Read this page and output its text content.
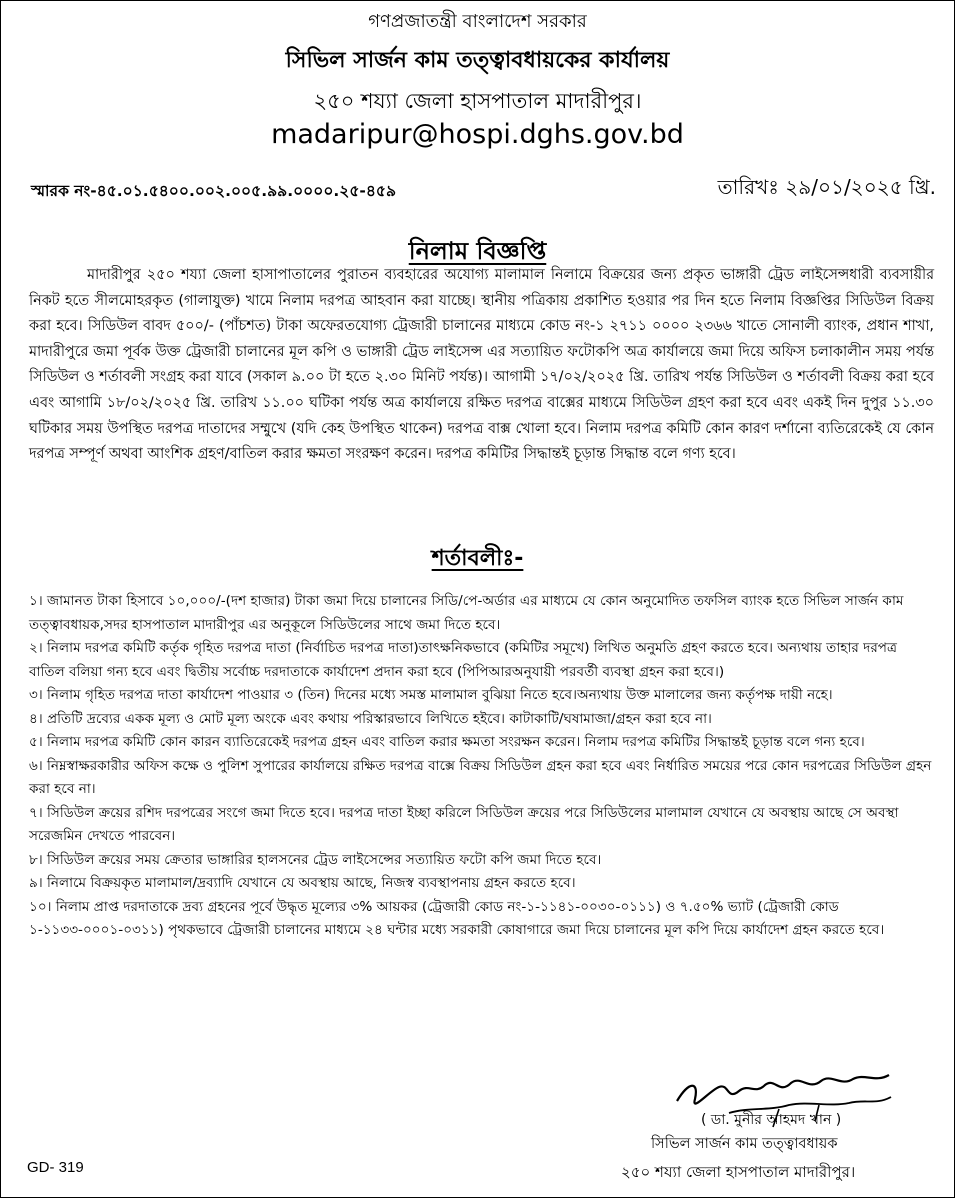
গণপ্রজাতন্ত্রী বাংলাদেশ সরকার
সিভিল সার্জন কাম তত্ত্বাবধায়কের কার্যালয়
২৫০ শয্যা জেলা হাসপাতাল মাদারীপুর।
madaripur@hospi.dghs.gov.bd
স্মারক নং-৪৫.০১.৫৪০০.০০২.০০৫.৯৯.০০০০.২৫-৪৫৯	তারিখঃ ২৯/০১/২০২৫ খ্রি.
নিলাম বিজ্ঞপ্তি

মাদারীপুর ২৫০ শয্যা জেলা হাসাপাতালের পুরাতন ব্যবহারের অযোগ্য মালামাল নিলামে বিক্রয়ের জন্য প্রকৃত ভাঙ্গারী ট্রেড লাইসেন্সধারী ব্যবসায়ীর নিকট হতে সীলমোহরকৃত (গালাযুক্ত) খামে নিলাম দরপত্র আহবান করা যাচ্ছে। স্থানীয় পত্রিকায় প্রকাশিত হওয়ার পর দিন হতে নিলাম বিজ্ঞপ্তির সিডিউল বিক্রয় করা হবে। সিডিউল বাবদ ৫০০/- (পাঁচশত) টাকা অফেরতযোগ্য ট্রেজারী চালানের মাধ্যমে কোড নং-১ ২৭১১ ০০০০ ২৩৬৬ খাতে সোনালী ব্যাংক, প্রধান শাখা, মাদারীপুরে জমা পূর্বক উক্ত ট্রেজারী চালানের মূল কপি ও ভাঙ্গারী ট্রেড লাইসেন্স এর সত্যায়িত ফটোকপি অত্র কার্যালয়ে জমা দিয়ে অফিস চলাকালীন সময় পর্যন্ত সিডিউল ও শর্তাবলী সংগ্রহ করা যাবে (সকাল ৯.০০ টা হতে ২.৩০ মিনিট পর্যন্ত)। আগামী ১৭/০২/২০২৫ খ্রি. তারিখ পর্যন্ত সিডিউল ও শর্তাবলী বিক্রয় করা হবে এবং আগামি ১৮/০২/২০২৫ খ্রি. তারিখ ১১.০০ ঘটিকা পর্যন্ত অত্র কার্যালয়ে রক্ষিত দরপত্র বাক্সের মাধ্যমে সিডিউল গ্রহণ করা হবে এবং একই দিন দুপুর ১১.৩০ ঘটিকার সময় উপস্থিত দরপত্র দাতাদের সম্মুখে (যদি কেহ উপস্থিত থাকেন) দরপত্র বাক্স খোলা হবে। নিলাম দরপত্র কমিটি কোন কারণ দর্শানো ব্যতিরেকেই যে কোন দরপত্র সম্পূর্ণ অথবা আংশিক গ্রহণ/বাতিল করার ক্ষমতা সংরক্ষণ করেন। দরপত্র কমিটির সিদ্ধান্তই চূড়ান্ত সিদ্ধান্ত বলে গণ্য হবে।

শর্তাবলীঃ-
১। জামানত টাকা হিসাবে ১০,০০০/-(দশ হাজার) টাকা জমা দিয়ে চালানের সিডি/পে-অর্ডার এর মাধ্যমে যে কোন অনুমোদিত তফসিল ব্যাংক হতে সিভিল সার্জন কাম তত্ত্বাবধায়ক,সদর হাসপাতাল মাদারীপুর এর অনুকূলে সিডিউলের সাথে জমা দিতে হবে।
২। নিলাম দরপত্র কমিটি কর্তৃক গৃহিত দরপত্র দাতা (নির্বাচিত দরপত্র দাতা)তাৎক্ষনিকভাবে (কমিটির সমূখে) লিখিত অনুমতি গ্রহণ করতে হবে। অন্যথায় তাহার দরপত্র বাতিল বলিয়া গন্য হবে এবং দ্বিতীয় সর্বোচ্চ দরদাতাকে কার্যাদেশ প্রদান করা হবে (পিপিআরঅনুযায়ী পরবর্তী ব্যবস্থা গ্রহন করা হবে।)
৩। নিলাম গৃহিত দরপত্র দাতা কার্যাদেশ পাওয়ার ৩ (তিন) দিনের মধ্যে সমস্ত মালামাল বুঝিয়া নিতে হবে।অন্যথায় উক্ত মালালের জন্য কর্তৃপক্ষ দায়ী নহে।
৪। প্রতিটি দ্রব্যের একক মূল্য ও মোট মূল্য অংকে এবং কথায় পরিস্কারভাবে লিখিতে হইবে। কাটাকাটি/ঘষামাজা/গ্রহন করা হবে না।
৫। নিলাম দরপত্র কমিটি কোন কারন ব্যাতিরেকেই দরপত্র গ্রহন এবং বাতিল করার ক্ষমতা সংরক্ষন করেন। নিলাম দরপত্র কমিটির সিদ্ধান্তই চূড়ান্ত বলে গন্য হবে।
৬। নিম্নস্বাক্ষরকারীর অফিস কক্ষে ও পুলিশ সুপারের কার্যালয়ে রক্ষিত দরপত্র বাক্সে বিক্রয় সিডিউল গ্রহন করা হবে এবং নির্ধারিত সময়ের পরে কোন দরপত্রের সিডিউল গ্রহন করা হবে না।
৭। সিডিউল ক্রয়ের রশিদ দরপত্রের সংগে জমা দিতে হবে। দরপত্র দাতা ইচ্ছা করিলে সিডিউল ক্রয়ের পরে সিডিউলের মালামাল যেখানে যে অবস্থায় আছে সে অবস্থা সরেজমিন দেখতে পারবেন।
৮। সিডিউল ক্রয়ের সময় ক্রেতার ভাঙ্গারির হালসনের ট্রেড লাইসেন্সের সত্যায়িত ফটো কপি জমা দিতে হবে।
৯। নিলামে বিক্রয়কৃত মালামাল/দ্রব্যাদি যেখানে যে অবস্থায় আছে, নিজস্ব ব্যবস্থাপনায় গ্রহন করতে হবে।
১০। নিলাম প্রাপ্ত দরদাতাকে দ্রব্য গ্রহনের পূর্বে উদ্ধৃত মূল্যের ৩% আয়কর (ট্রেজারী কোড নং-১-১১৪১-০০৩০-০১১১) ও ৭.৫০% ভ্যাট (ট্রেজারী কোড ১-১১৩৩-০০০১-০৩১১) পৃথকভাবে ট্রেজারী চালানের মাধ্যমে ২৪ ঘন্টার মধ্যে সরকারী কোষাগারে জমা দিয়ে চালানের মূল কপি দিয়ে কার্যাদেশ গ্রহন করতে হবে।
( ডা. মুনীর আহমদ খান )
সিভিল সার্জন কাম তত্ত্বাবধায়ক
২৫০ শয্যা জেলা হাসপাতাল মাদারীপুর।
GD- 319
